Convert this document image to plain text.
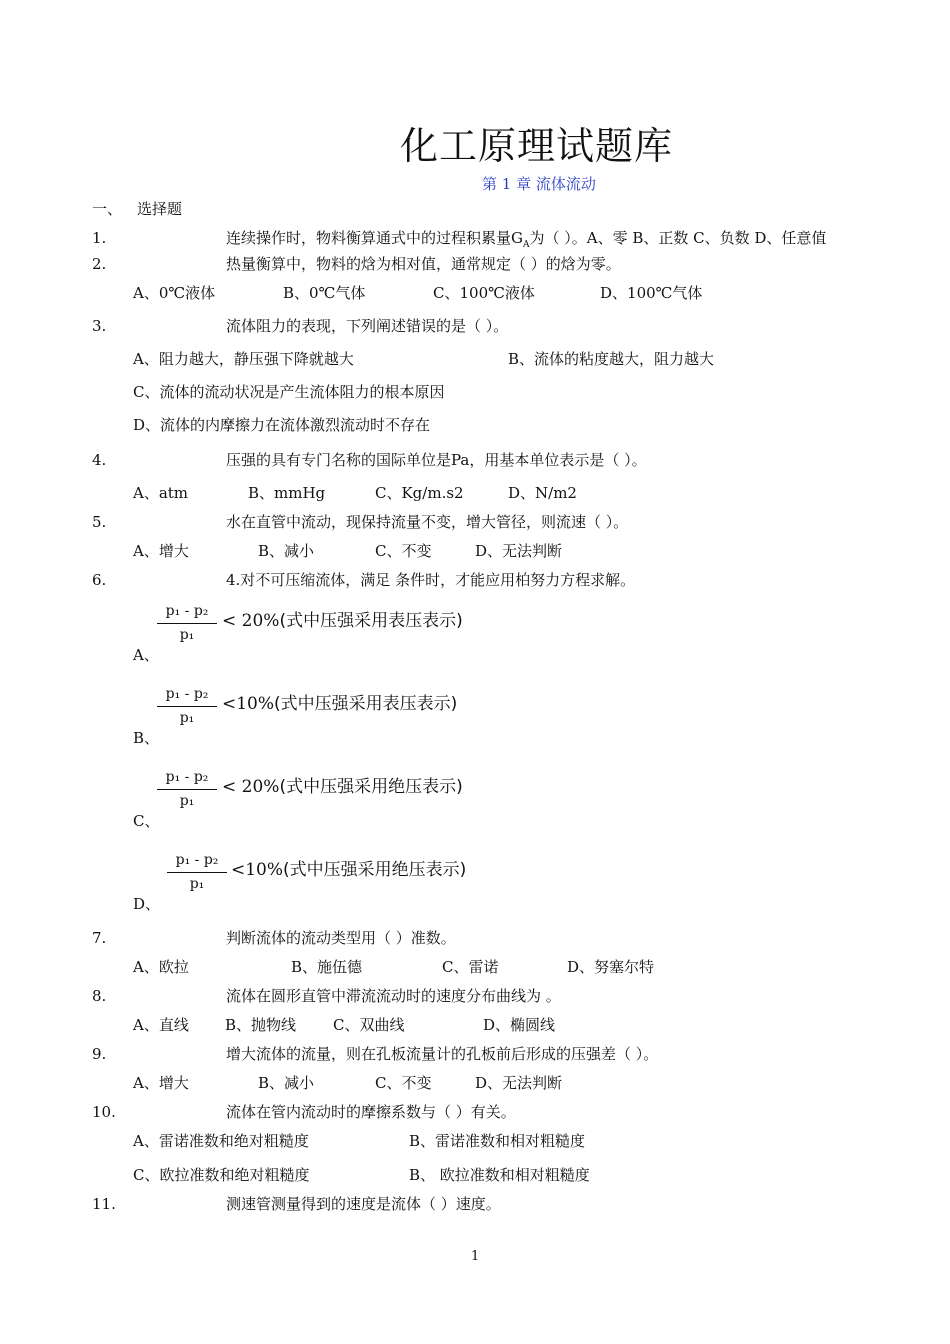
化工原理试题库
第 1 章 流体流动
一、 选择题
1.	连续操作时，物料衡算通式中的过程积累量$G_A$为（ ）。A、零 B、正数 C、负数 D、任意值
2.	热量衡算中，物料的焓为相对值，通常规定（ ）的焓为零。
A、0℃液体	B、0℃气体	C、100℃液体	D、100℃气体
3.	流体阻力的表现，下列阐述错误的是（ ）。
A、阻力越大，静压强下降就越大	B、流体的粘度越大，阻力越大
C、流体的流动状况是产生流体阻力的根本原因
D、流体的内摩擦力在流体激烈流动时不存在
4.	压强的具有专门名称的国际单位是Pa，用基本单位表示是（ ）。
A、atm	B、mmHg	C、Kg/m.s2	D、N/m2
5.	水在直管中流动，现保持流量不变，增大管径，则流速（ ）。
A、增大	B、减小	C、不变	D、无法判断
6.	4.对不可压缩流体，满足 条件时，才能应用柏努力方程求解。
p₁ - p₂
p₁
< 20%(式中压强采用表压表示)
A、
p₁ - p₂
p₁
<10%(式中压强采用表压表示)
B、
p₁ - p₂
p₁
< 20%(式中压强采用绝压表示)
C、
p₁ - p₂
p₁
<10%(式中压强采用绝压表示)
D、
7.	判断流体的流动类型用（ ）准数。
A、欧拉	B、施伍德	C、雷诺	D、努塞尔特
8.	流体在圆形直管中滞流流动时的速度分布曲线为 。
A、直线 B、抛物线 C、双曲线	D、椭圆线
9.	增大流体的流量，则在孔板流量计的孔板前后形成的压强差（ ）。
A、增大	B、减小	C、不变	D、无法判断
10.	流体在管内流动时的摩擦系数与（ ）有关。
A、雷诺准数和绝对粗糙度	B、雷诺准数和相对粗糙度
C、欧拉准数和绝对粗糙度	B、 欧拉准数和相对粗糙度
11.	测速管测量得到的速度是流体（ ）速度。
1
